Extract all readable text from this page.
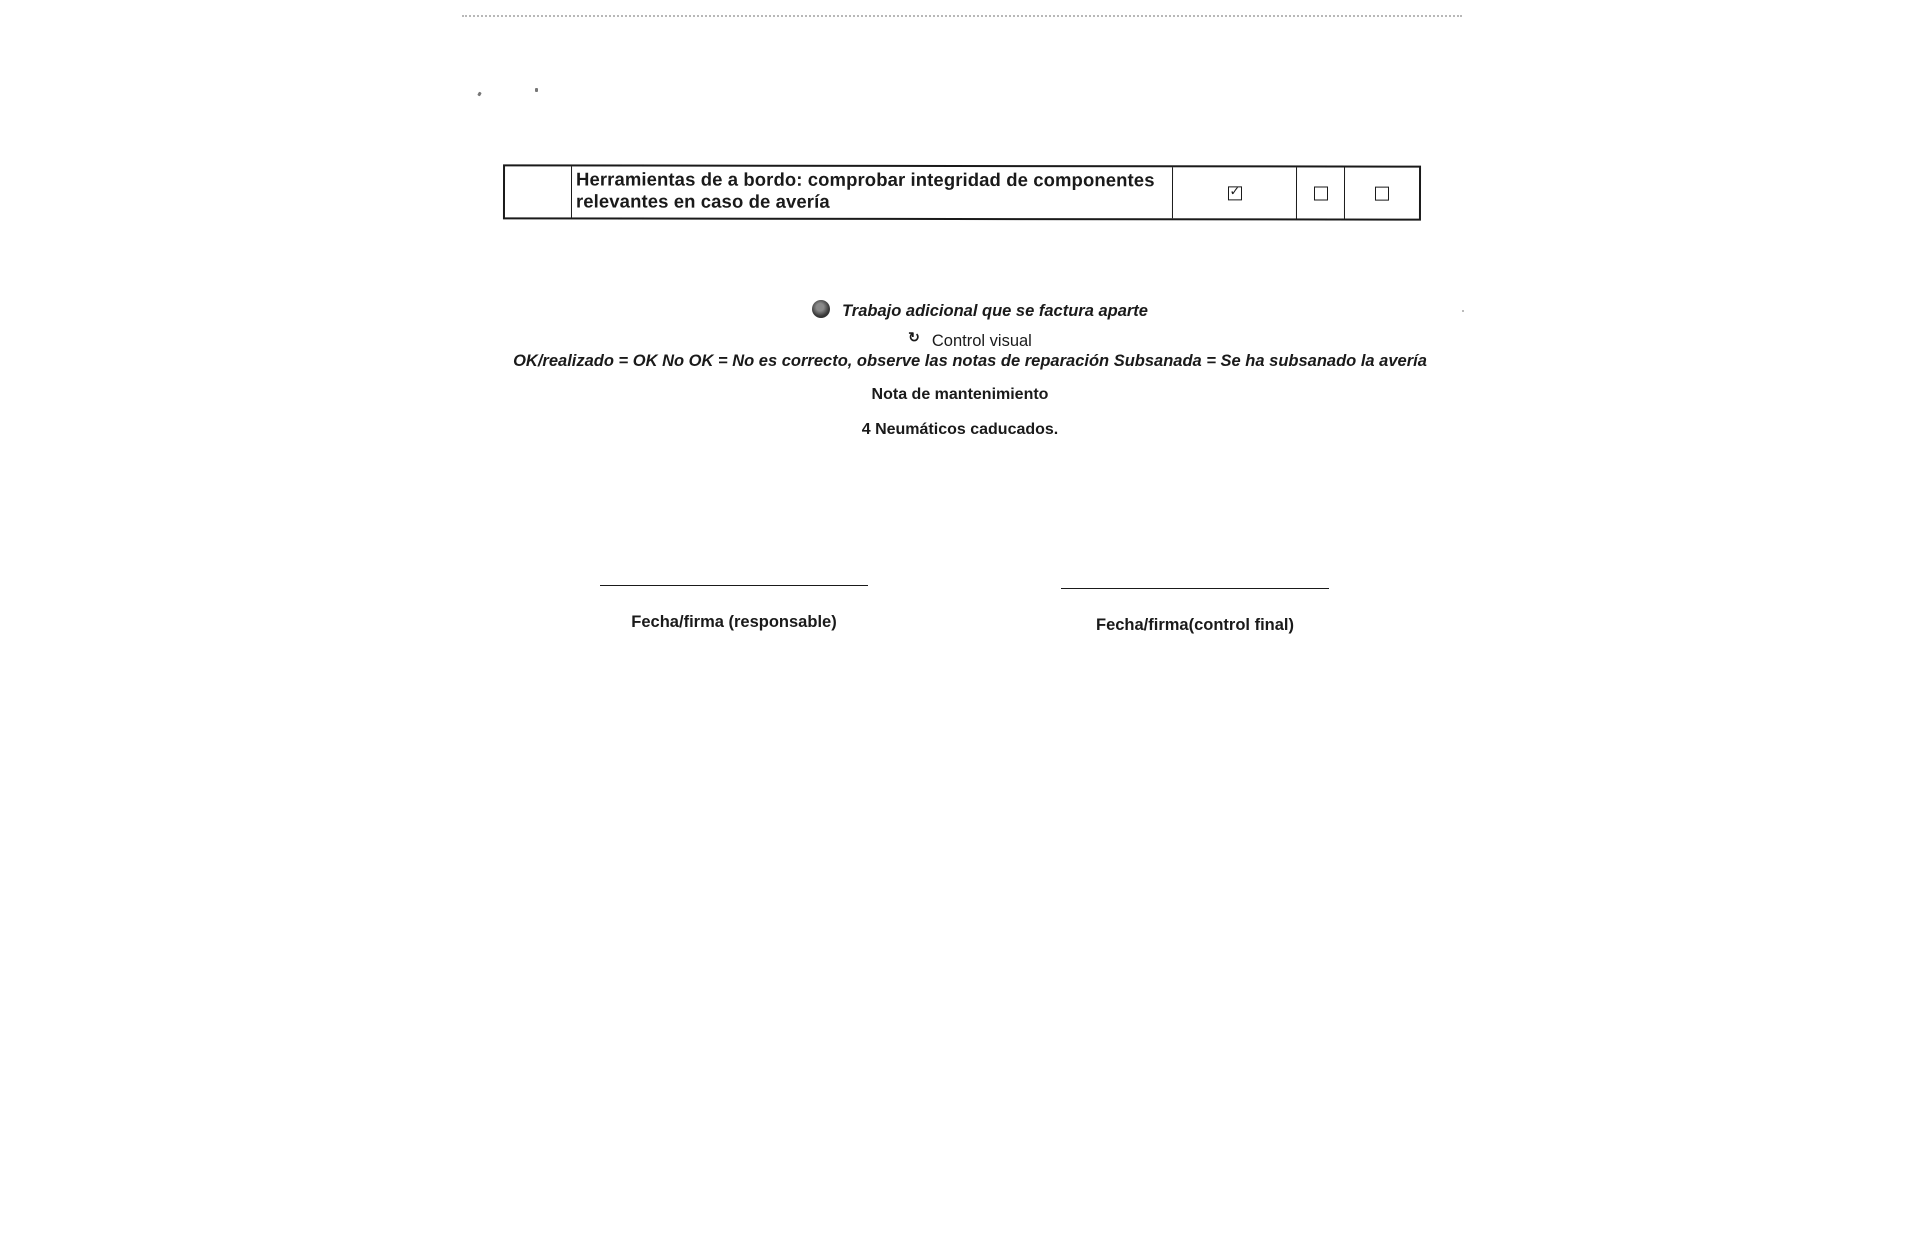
Herramientas de a bordo: comprobar integridad de componentes
relevantes en caso de avería
✓
Trabajo adicional que se factura aparte
↻ Control visual
OK/realizado = OK No OK = No es correcto, observe las notas de reparación Subsanada = Se ha subsanado la avería
Nota de mantenimiento
4 Neumáticos caducados.
Fecha/firma (responsable)	Fecha/firma(control final)
